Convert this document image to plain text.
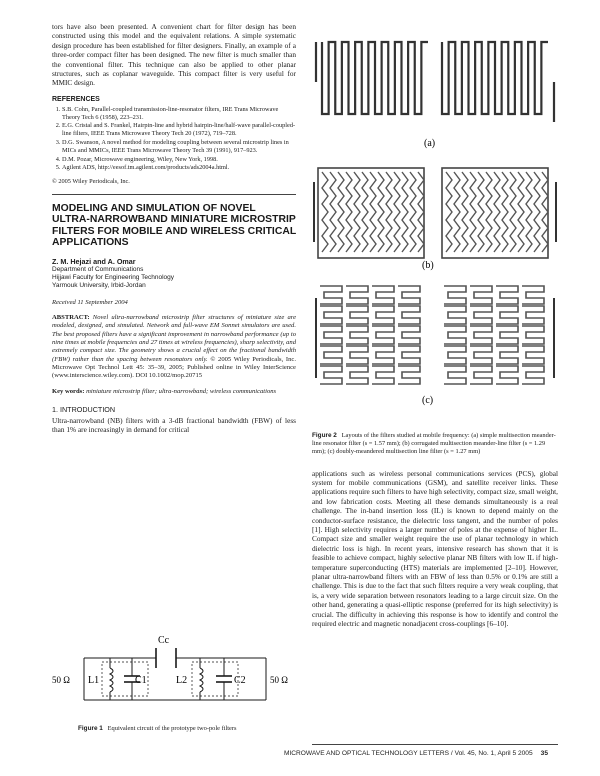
tors have also been presented. A convenient chart for filter design has been constructed using this model and the equivalent relations. A simple systematic design procedure has been established for filter designers. Finally, an example of a three-order compact filter has been designed. The new filter is much smaller than the conventional filter. This technique can also be applied to other planar structures, such as coplanar waveguide. This compact filter is very useful for MMIC design.

REFERENCES
1. S.B. Cohn, Parallel-coupled transmission-line-resonator filters, IRE Trans Microwave Theory Tech 6 (1958), 223–231.
2. E.G. Cristal and S. Frankel, Hairpin-line and hybrid hairpin-line/half-wave parallel-coupled-line filters, IEEE Trans Microwave Theory Tech 20 (1972), 719–728.
3. D.G. Swanson, A novel method for modeling coupling between several microstrip lines in MICs and MMICs, IEEE Trans Microwave Theory Tech 39 (1991), 917–923.
4. D.M. Pozar, Microwave engineering, Wiley, New York, 1998.
5. Agilent ADS, http://eesof.tm.agilent.com/products/ads2004a.html.
© 2005 Wiley Periodicals, Inc.
MODELING AND SIMULATION OF NOVEL ULTRA-NARROWBAND MINIATURE MICROSTRIP FILTERS FOR MOBILE AND WIRELESS CRITICAL APPLICATIONS
Z. M. Hejazi and A. Omar
Department of Communications
Hijjawi Faculty for Engineering Technology
Yarmouk University, Irbid-Jordan
Received 11 September 2004

ABSTRACT: Novel ultra-narrowband microstrip filter structures of miniature size are modeled, designed, and simulated. Network and full-wave EM Sonnet simulators are used. The best proposed filters have a significant improvement in narrowband performance (up to nine times at mobile frequencies and 27 times at wireless frequencies), sharp selectivity, and extremely compact size. The geometry shows a crucial effect on the fractional bandwidth (FBW) rather than the spacing between resonators only. © 2005 Wiley Periodicals, Inc. Microwave Opt Technol Lett 45: 35–39, 2005; Published online in Wiley InterScience (www.interscience.wiley.com). DOI 10.1002/mop.20715

Key words: miniature microstrip filter; ultra-narrowband; wireless communications

1. INTRODUCTION

Ultra-narrowband (NB) filters with a 3-dB fractional bandwidth (FBW) of less than 1% are increasingly in demand for critical

Cc
L1	C1	L2	C2
50 Ω	50 Ω
Figure 1 Equivalent circuit of the prototype two-pole filters
(a)
(b)
(c)
Figure 2 Layouts of the filters studied at mobile frequency: (a) simple multisection meander-line resonator filter (s = 1.57 mm); (b) corrugated multisection meander-line filter (s = 1.29 mm); (c) doubly-meandered multisection line filter (s = 1.27 mm)

applications such as wireless personal communications services (PCS), global system for mobile communications (GSM), and satellite receiver links. These applications require such filters to have high selectivity, compact size, small weight, and low fabrication costs. Meeting all these demands simultaneously is a real challenge. The in-band insertion loss (IL) is known to depend mainly on the conductor-surface resistance, the dielectric loss tangent, and the number of poles [1]. High selectivity requires a larger number of poles at the expense of higher IL. Compact size and smaller weight require the use of planar technology in which dielectric loss is high. In recent years, intensive research has shown that it is feasible to achieve compact, highly selective planar NB filters with low IL if high-temperature superconducting (HTS) materials are implemented [2–10]. However, planar ultra-narrowband filters with an FBW of less than 0.5% or 0.1% are still a challenge. This is due to the fact that such filters require a very weak coupling, that is, a very wide separation between resonators leading to a large circuit size. On the other hand, generating a quasi-elliptic response (preferred for its high selectivity) is crucial. The difficulty in achieving this response is how to identify and control the required electric and magnetic nonadjacent cross-couplings [6–10].

MICROWAVE AND OPTICAL TECHNOLOGY LETTERS / Vol. 45, No. 1, April 5 2005 35
